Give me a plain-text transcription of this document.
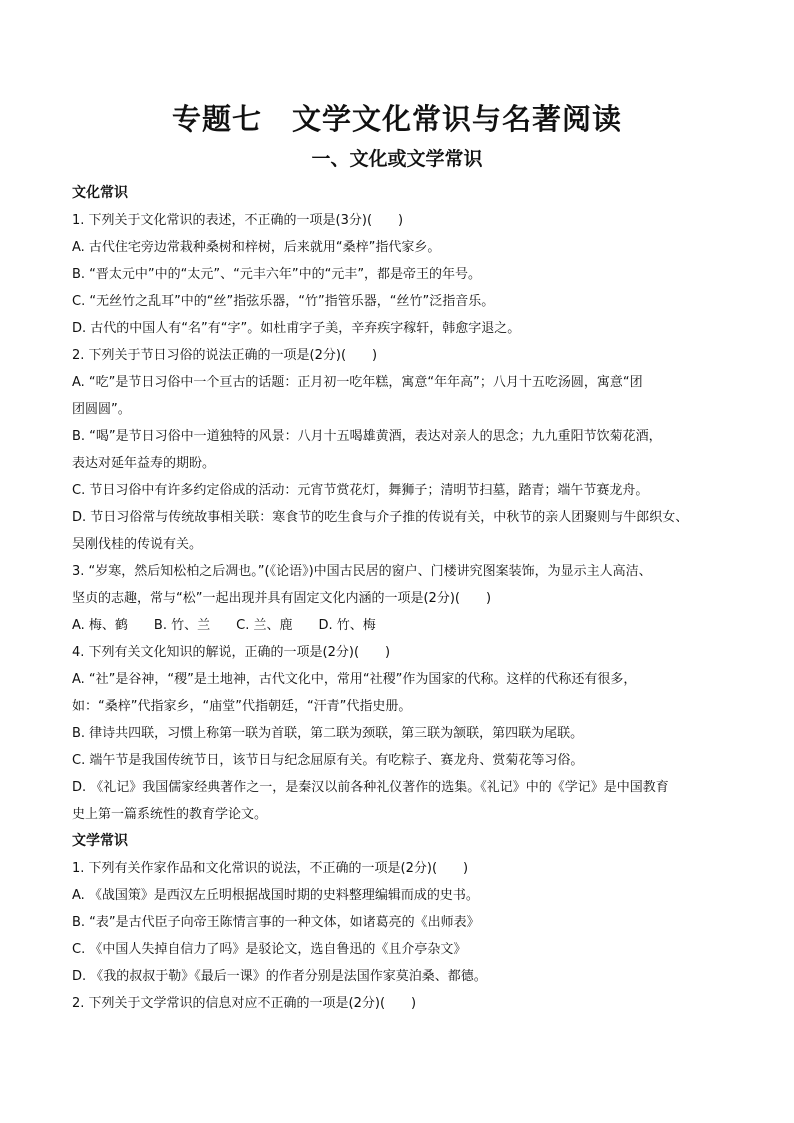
专题七　文学文化常识与名著阅读
一、文化或文学常识
文化常识
1. 下列关于文化常识的表述，不正确的一项是(3分)(　　)
A. 古代住宅旁边常栽种桑树和梓树，后来就用“桑梓”指代家乡。
B. “晋太元中”中的“太元”、“元丰六年”中的“元丰”，都是帝王的年号。
C. “无丝竹之乱耳”中的“丝”指弦乐器，“竹”指管乐器，“丝竹”泛指音乐。
D. 古代的中国人有“名”有“字”。如杜甫字子美，辛弃疾字稼轩，韩愈字退之。
2. 下列关于节日习俗的说法正确的一项是(2分)(　　)
A. “吃”是节日习俗中一个亘古的话题：正月初一吃年糕，寓意“年年高”；八月十五吃汤圆，寓意“团
团圆圆”。
B. “喝”是节日习俗中一道独特的风景：八月十五喝雄黄酒，表达对亲人的思念；九九重阳节饮菊花酒，
表达对延年益寿的期盼。
C. 节日习俗中有许多约定俗成的活动：元宵节赏花灯，舞狮子；清明节扫墓，踏青；端午节赛龙舟。
D. 节日习俗常与传统故事相关联：寒食节的吃生食与介子推的传说有关，中秋节的亲人团聚则与牛郎织女、
吴刚伐桂的传说有关。
3. “岁寒，然后知松柏之后凋也。”(《论语》)中国古民居的窗户、门楼讲究图案装饰，为显示主人高洁、
坚贞的志趣，常与“松”一起出现并具有固定文化内涵的一项是(2分)(　　)
A. 梅、鹤　　B. 竹、兰　　C. 兰、鹿　　D. 竹、梅
4. 下列有关文化知识的解说，正确的一项是(2分)(　　)
A. “社”是谷神，“稷”是土地神，古代文化中，常用“社稷”作为国家的代称。这样的代称还有很多，
如：“桑梓”代指家乡，“庙堂”代指朝廷，“汗青”代指史册。
B. 律诗共四联，习惯上称第一联为首联，第二联为颈联，第三联为颔联，第四联为尾联。
C. 端午节是我国传统节日，该节日与纪念屈原有关。有吃粽子、赛龙舟、赏菊花等习俗。
D. 《礼记》我国儒家经典著作之一，是秦汉以前各种礼仪著作的选集。《礼记》中的《学记》是中国教育
史上第一篇系统性的教育学论文。
文学常识
1. 下列有关作家作品和文化常识的说法，不正确的一项是(2分)(　　)
A. 《战国策》是西汉左丘明根据战国时期的史料整理编辑而成的史书。
B. “表”是古代臣子向帝王陈情言事的一种文体，如诸葛亮的《出师表》
C. 《中国人失掉自信力了吗》是驳论文，选自鲁迅的《且介亭杂文》
D. 《我的叔叔于勒》《最后一课》的作者分别是法国作家莫泊桑、都德。
2. 下列关于文学常识的信息对应不正确的一项是(2分)(　　)
